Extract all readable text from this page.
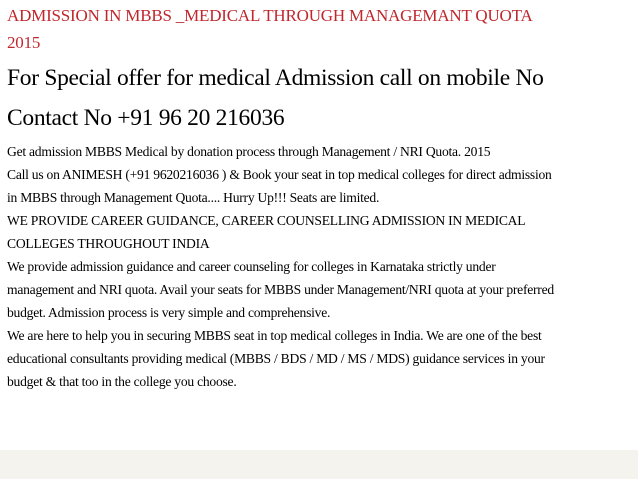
ADMISSION IN MBBS _MEDICAL THROUGH MANAGEMANT QUOTA
2015

For Special offer for medical Admission call on mobile No

Contact No +91 96 20 216036

Get admission MBBS Medical by donation process through Management / NRI Quota. 2015

Call us on ANIMESH (+91 9620216036 ) & Book your seat in top medical colleges for direct admission

in MBBS through Management Quota.... Hurry Up!!! Seats are limited.

WE PROVIDE CAREER GUIDANCE, CAREER COUNSELLING ADMISSION IN MEDICAL

COLLEGES THROUGHOUT INDIA

We provide admission guidance and career counseling for colleges in Karnataka strictly under

management and NRI quota. Avail your seats for MBBS under Management/NRI quota at your preferred

budget. Admission process is very simple and comprehensive.

We are here to help you in securing MBBS seat in top medical colleges in India. We are one of the best

educational consultants providing medical (MBBS / BDS / MD / MS / MDS) guidance services in your

budget & that too in the college you choose.
